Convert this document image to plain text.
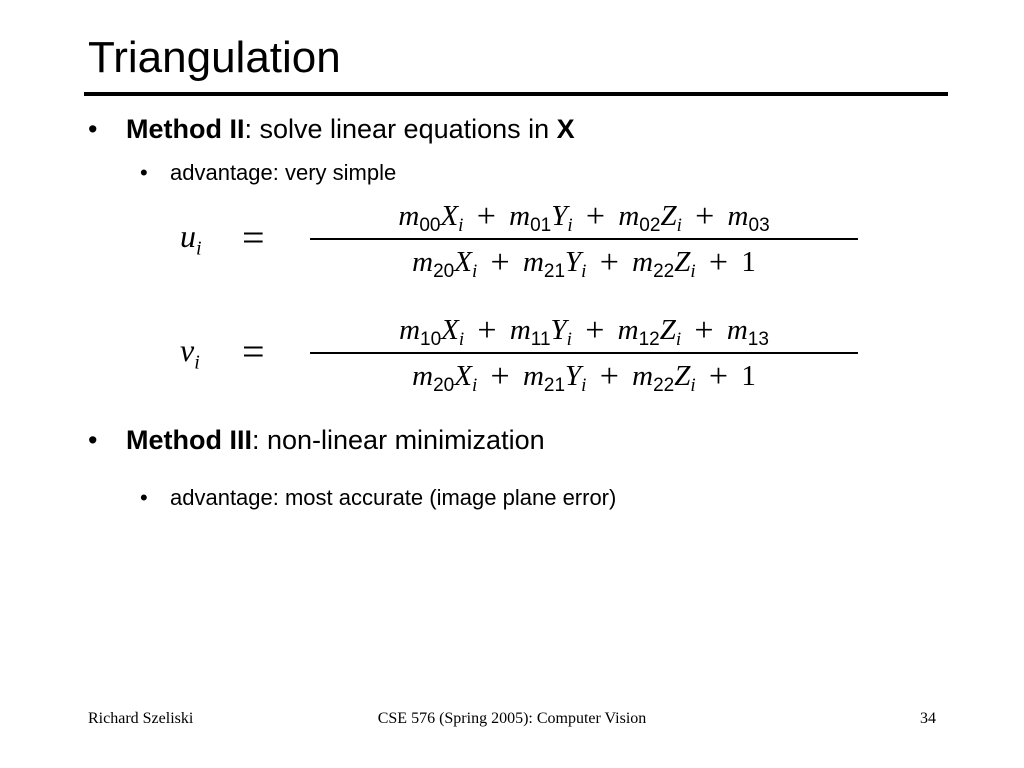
Triangulation
• Method II: solve linear equations in X
• advantage: very simple
$u_i$ =	$m_{00}X_i + m_{01}Y_i + m_{02}Z_i + m_{03}$
$m_{20}X_i + m_{21}Y_i + m_{22}Z_i + 1$
$v_i$ =	$m_{10}X_i + m_{11}Y_i + m_{12}Z_i + m_{13}$
$m_{20}X_i + m_{21}Y_i + m_{22}Z_i + 1$
• Method III: non-linear minimization
• advantage: most accurate (image plane error)
Richard Szeliski	CSE 576 (Spring 2005): Computer Vision	34
